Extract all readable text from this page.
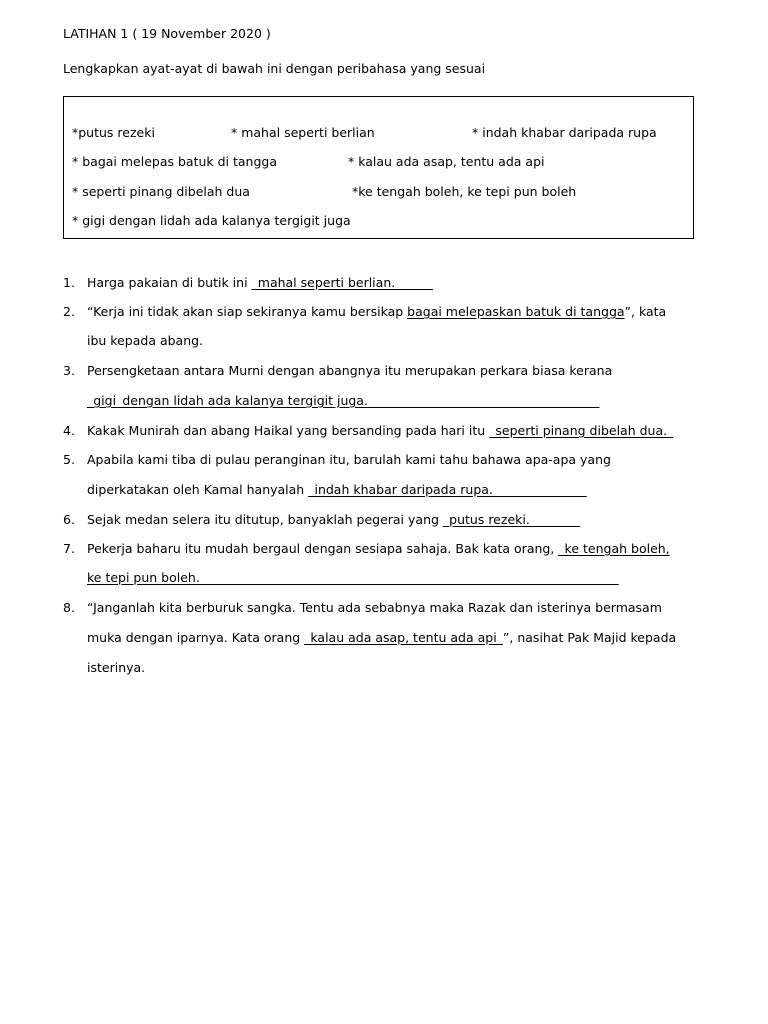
LATIHAN 1 ( 19 November 2020 )
Lengkapkan ayat-ayat di bawah ini dengan peribahasa yang sesuai
*putus rezeki	* mahal seperti berlian	* indah khabar daripada rupa
* bagai melepas batuk di tangga	* kalau ada asap, tentu ada api
* seperti pinang dibelah dua	*ke tengah boleh, ke tepi pun boleh
* gigi dengan lidah ada kalanya tergigit juga
1. Harga pakaian di butik ini _mahal seperti berlian.______
2. “Kerja ini tidak akan siap sekiranya kamu bersikap bagai melepaskan batuk di tangga”, kata
ibu kepada abang.
3. Persengketaan antara Murni dengan abangnya itu merupakan perkara biasa kerana
_gigi_dengan lidah ada kalanya tergigit juga._____________________________________
4. Kakak Munirah dan abang Haikal yang bersanding pada hari itu _seperti pinang dibelah dua._
5. Apabila kami tiba di pulau peranginan itu, barulah kami tahu bahawa apa-apa yang
diperkatakan oleh Kamal hanyalah _indah khabar daripada rupa._______________
6. Sejak medan selera itu ditutup, banyaklah pegerai yang _putus rezeki.________
7. Pekerja baharu itu mudah bergaul dengan sesiapa sahaja. Bak kata orang, _ke tengah boleh,
ke tepi pun boleh.___________________________________________________________________
8. “Janganlah kita berburuk sangka. Tentu ada sebabnya maka Razak dan isterinya bermasam
muka dengan iparnya. Kata orang _kalau ada asap, tentu ada api_”, nasihat Pak Majid kepada
isterinya.
